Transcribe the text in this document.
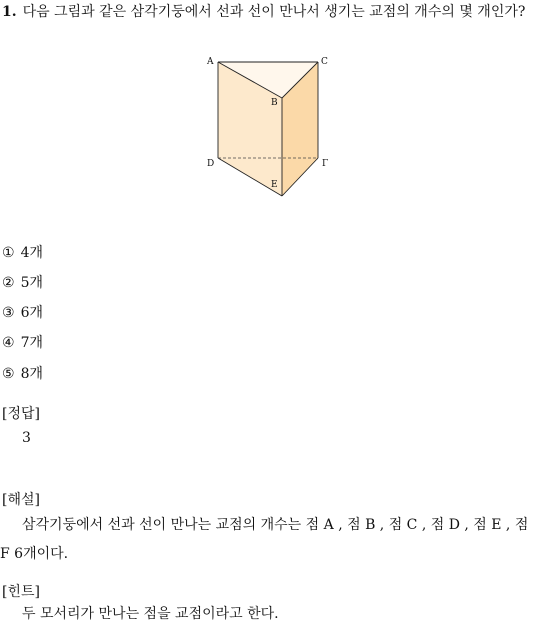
1. 다음 그림과 같은 삼각기둥에서 선과 선이 만나서 생기는 교점의 개수의 몇 개인가?
A	C
B
D	Γ
E
① 4개
② 5개
③ 6개
④ 7개
⑤ 8개
[정답]
3
[해설]
삼각기둥에서 선과 선이 만나는 교점의 개수는 점 A , 점 B , 점 C , 점 D , 점 E , 점 F 6개이다.
[힌트]
두 모서리가 만나는 점을 교점이라고 한다.
